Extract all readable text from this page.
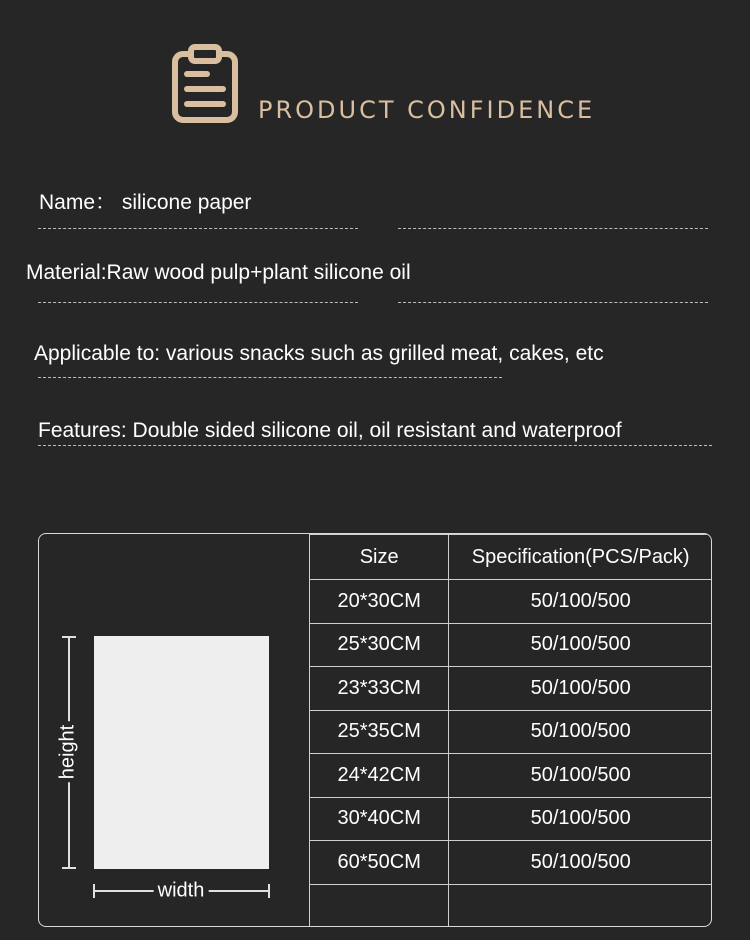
PRODUCT CONFIDENCE
Name： silicone paper
Material:Raw wood pulp+plant silicone oil
Applicable to: various snacks such as grilled meat, cakes, etc
Features: Double sided silicone oil, oil resistant and waterproof
height
width
Size	Specification(PCS/Pack)
20*30CM	50/100/500
25*30CM	50/100/500
23*33CM	50/100/500
25*35CM	50/100/500
24*42CM	50/100/500
30*40CM	50/100/500
60*50CM	50/100/500
